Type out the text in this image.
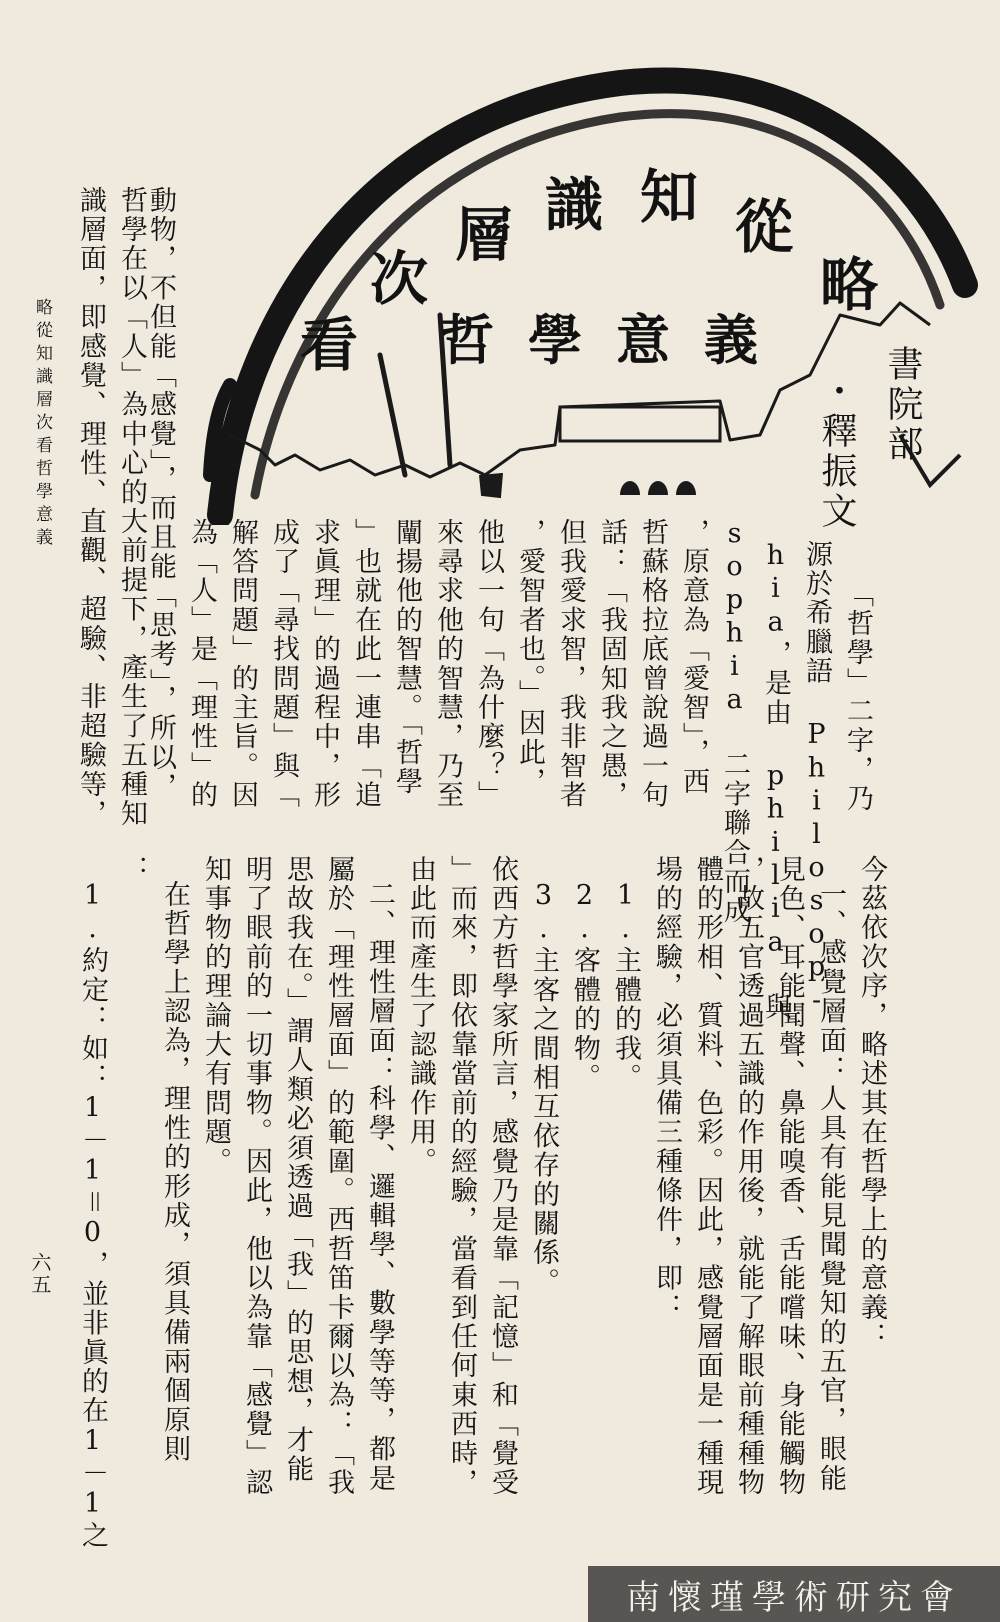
略
從
知
識
層
次
看 哲學意義
・釋振文 書院部
略從知識層次看哲學意義
六五
「哲學」二字，乃
源於希臘語 Philosop-
hia，是由 philia 與
sophia 二字聯合而成
，原意為「愛智」，西
哲蘇格拉底曾說過一句
話：「我固知我之愚，
但我愛求智，我非智者
，愛智者也。」因此，
他以一句「為什麼？」
來尋求他的智慧，乃至
闡揚他的智慧。「哲學
」也就在此一連串「追
求眞理」的過程中，形
成了「尋找問題」與「
解答問題」的主旨。因
為「人」是「理性」的
動物，不但能「感覺」，而且能「思考」，所以，
哲學在以「人」為中心的大前提下，產生了五種知
識層面，即感覺、理性、直觀、超驗、非超驗等，
今茲依次序，略述其在哲學上的意義：
一、感覺層面：人具有能見聞覺知的五官，眼能
見色、耳能聞聲、鼻能嗅香、舌能嚐味、身能觸物
，故五官透過五識的作用後，就能了解眼前種種物
體的形相、質料、色彩。因此，感覺層面是一種現
場的經驗，必須具備三種條件，即：
1.主體的我。
2.客體的物。
3.主客之間相互依存的關係。
依西方哲學家所言，感覺乃是靠「記憶」和「覺受
」而來，即依靠當前的經驗，當看到任何東西時，
由此而產生了認識作用。
二、理性層面：科學、邏輯學、數學等等，都是
屬於「理性層面」的範圍。西哲笛卡爾以為：「我
思故我在。」謂人類必須透過「我」的思想，才能
明了眼前的一切事物。因此，他以為靠「感覺」認
知事物的理論大有問題。
在哲學上認為，理性的形成，須具備兩個原則
：
1.約定：如：1－1＝0，並非眞的在1－1之
南懷瑾學術研究會
